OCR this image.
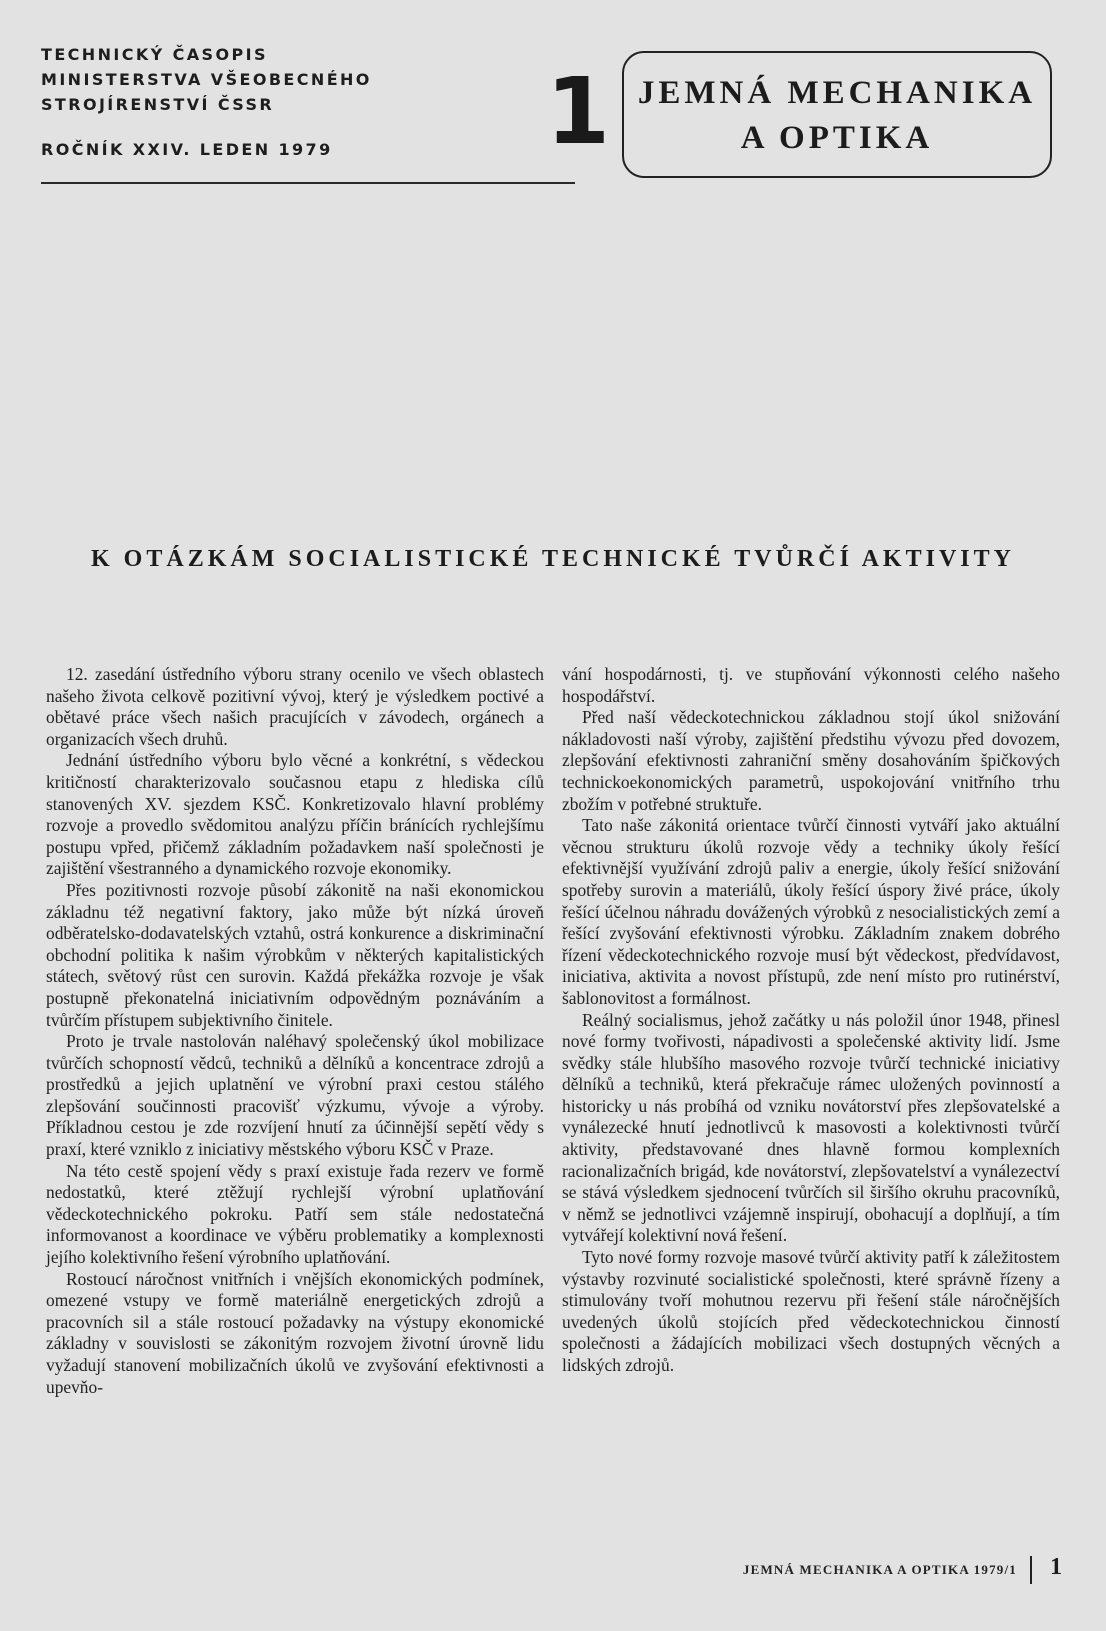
TECHNICKÝ ČASOPIS
MINISTERSTVA VŠEOBECNÉHO
STROJÍRENSTVÍ ČSSR
ROČNÍK XXIV. LEDEN 1979	1 JEMNÁ MECHANIKA
A OPTIKA
K OTÁZKÁM SOCIALISTICKÉ TECHNICKÉ TVŮRČÍ AKTIVITY

12. zasedání ústředního výboru strany ocenilo ve všech oblastech našeho života celkově pozitivní vývoj, který je výsledkem poctivé a obětavé práce všech našich pracujících v závodech, orgánech a organizacích všech druhů.

Jednání ústředního výboru bylo věcné a konkrétní, s vědeckou kritičností charakterizovalo současnou etapu z hlediska cílů stanovených XV. sjezdem KSČ. Konkretizovalo hlavní problémy rozvoje a provedlo svědomitou analýzu příčin bránících rychlejšímu postupu vpřed, přičemž základním požadavkem naší společnosti je zajištění všestranného a dynamického rozvoje ekonomiky.

Přes pozitivnosti rozvoje působí zákonitě na naši ekonomickou základnu též negativní faktory, jako může být nízká úroveň odběratelsko-dodavatelských vztahů, ostrá konkurence a diskriminační obchodní politika k našim výrobkům v některých kapitalistických státech, světový růst cen surovin. Každá překážka rozvoje je však postupně překonatelná iniciativním odpovědným poznáváním a tvůrčím přístupem subjektivního činitele.

Proto je trvale nastolován naléhavý společenský úkol mobilizace tvůrčích schopností vědců, techniků a dělníků a koncentrace zdrojů a prostředků a jejich uplatnění ve výrobní praxi cestou stálého zlepšování součinnosti pracovišť výzkumu, vývoje a výroby. Příkladnou cestou je zde rozvíjení hnutí za účinnější sepětí vědy s praxí, které vzniklo z iniciativy městského výboru KSČ v Praze.

Na této cestě spojení vědy s praxí existuje řada rezerv ve formě nedostatků, které ztěžují rychlejší výrobní uplatňování vědeckotechnického pokroku. Patří sem stále nedostatečná informovanost a koordinace ve výběru problematiky a komplexnosti jejího kolektivního řešení výrobního uplatňování.

Rostoucí náročnost vnitřních i vnějších ekonomických podmínek, omezené vstupy ve formě materiálně energetických zdrojů a pracovních sil a stále rostoucí požadavky na výstupy ekonomické základny v souvislosti se zákonitým rozvojem životní úrovně lidu vyžadují stanovení mobilizačních úkolů ve zvyšování efektivnosti a upevňo-

vání hospodárnosti, tj. ve stupňování výkonnosti celého našeho hospodářství.

Před naší vědeckotechnickou základnou stojí úkol snižování nákladovosti naší výroby, zajištění předstihu vývozu před dovozem, zlepšování efektivnosti zahraniční směny dosahováním špičkových technickoekonomických parametrů, uspokojování vnitřního trhu zbožím v potřebné struktuře.

Tato naše zákonitá orientace tvůrčí činnosti vytváří jako aktuální věcnou strukturu úkolů rozvoje vědy a techniky úkoly řešící efektivnější využívání zdrojů paliv a energie, úkoly řešící snižování spotřeby surovin a materiálů, úkoly řešící úspory živé práce, úkoly řešící účelnou náhradu dovážených výrobků z nesocialistických zemí a řešící zvyšování efektivnosti výrobku. Základním znakem dobrého řízení vědeckotechnického rozvoje musí být vědeckost, předvídavost, iniciativa, aktivita a novost přístupů, zde není místo pro rutinérství, šablonovitost a formálnost.

Reálný socialismus, jehož začátky u nás položil únor 1948, přinesl nové formy tvořivosti, nápadivosti a společenské aktivity lidí. Jsme svědky stále hlubšího masového rozvoje tvůrčí technické iniciativy dělníků a techniků, která překračuje rámec uložených povinností a historicky u nás probíhá od vzniku novátorství přes zlepšovatelské a vynálezecké hnutí jednotlivců k masovosti a kolektivnosti tvůrčí aktivity, představované dnes hlavně formou komplexních racionalizačních brigád, kde novátorství, zlepšovatelství a vynálezectví se stává výsledkem sjednocení tvůrčích sil širšího okruhu pracovníků, v němž se jednotlivci vzájemně inspirují, obohacují a doplňují, a tím vytvářejí kolektivní nová řešení.

Tyto nové formy rozvoje masové tvůrčí aktivity patří k záležitostem výstavby rozvinuté socialistické společnosti, které správně řízeny a stimulovány tvoří mohutnou rezervu při řešení stále náročnějších uvedených úkolů stojících před vědeckotechnickou činností společnosti a žádajících mobilizaci všech dostupných věcných a lidských zdrojů.

JEMNÁ MECHANIKA A OPTIKA 1979/1 1
